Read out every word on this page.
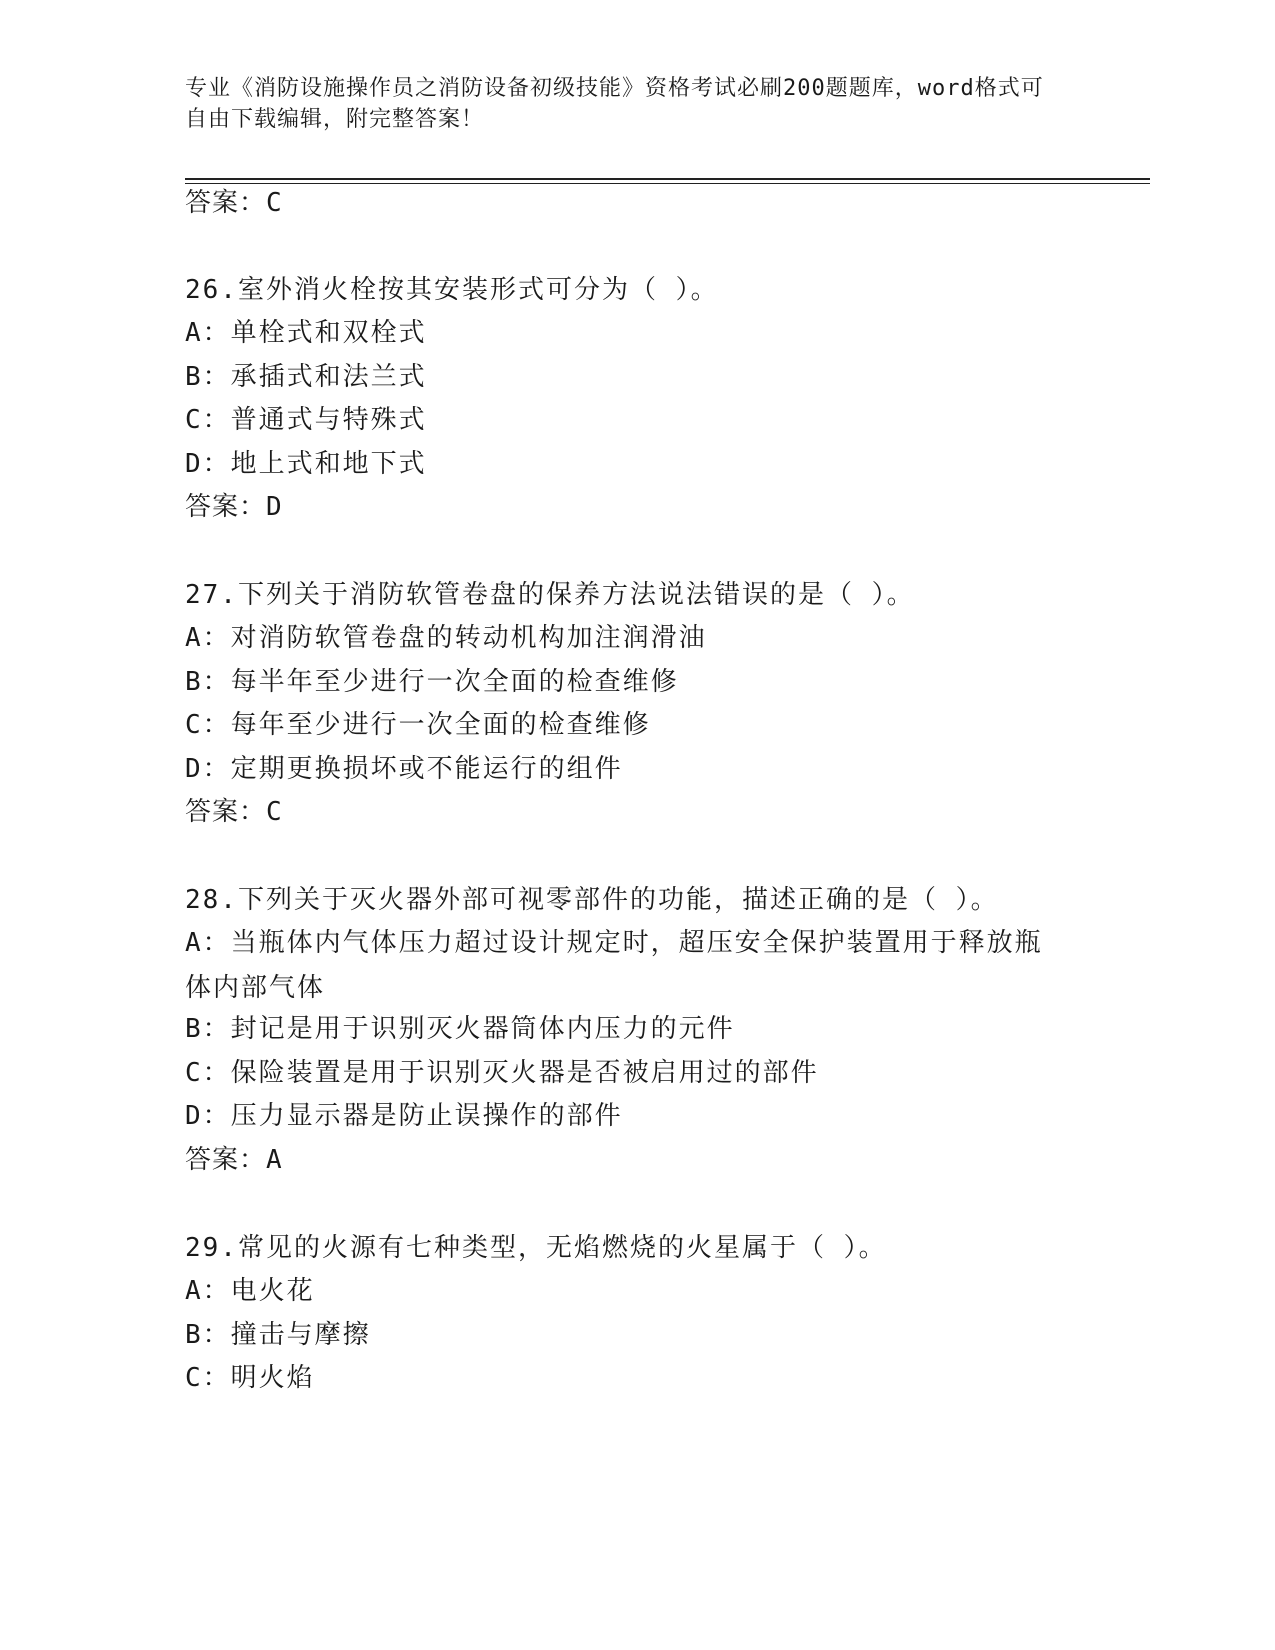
专业《消防设施操作员之消防设备初级技能》资格考试必刷200题题库，word格式可自由下载编辑，附完整答案！
答案：C
26.室外消火栓按其安装形式可分为（ ）。
A：单栓式和双栓式
B：承插式和法兰式
C：普通式与特殊式
D：地上式和地下式
答案：D
27.下列关于消防软管卷盘的保养方法说法错误的是（ ）。
A：对消防软管卷盘的转动机构加注润滑油
B：每半年至少进行一次全面的检查维修
C：每年至少进行一次全面的检查维修
D：定期更换损坏或不能运行的组件
答案：C
28.下列关于灭火器外部可视零部件的功能，描述正确的是（ ）。
A：当瓶体内气体压力超过设计规定时，超压安全保护装置用于释放瓶体内部气体
B：封记是用于识别灭火器筒体内压力的元件
C：保险装置是用于识别灭火器是否被启用过的部件
D：压力显示器是防止误操作的部件
答案：A
29.常见的火源有七种类型，无焰燃烧的火星属于（ ）。
A：电火花
B：撞击与摩擦
C：明火焰
